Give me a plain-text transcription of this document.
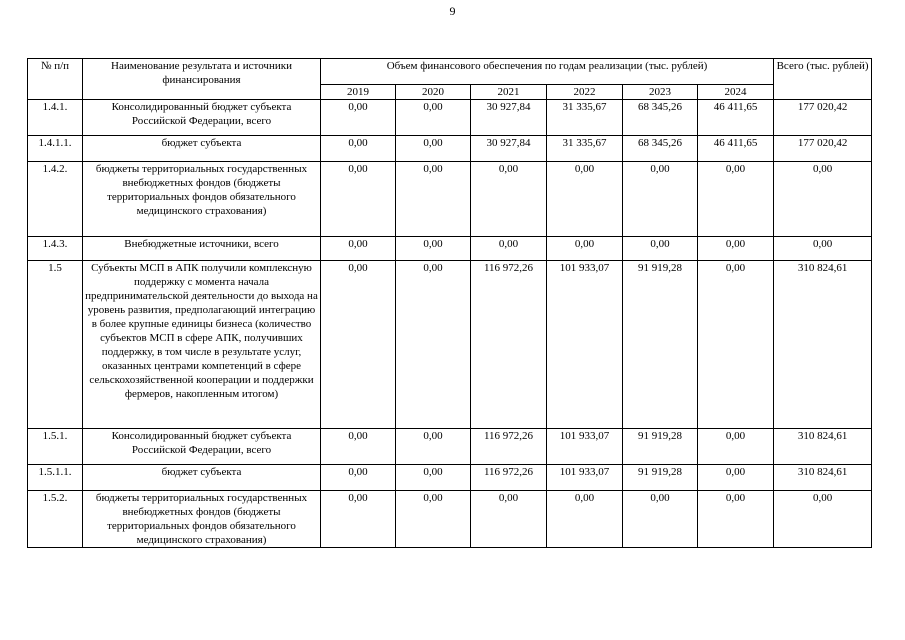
9
№ п/п	Наименование результата и источники финансирования	Объем финансового обеспечения по годам реализации (тыс. рублей)						Всего (тыс. рублей)
		2019	2020	2021	2022	2023	2024	
1.4.1.	Консолидированный бюджет субъекта Российской Федерации, всего	0,00	0,00	30 927,84	31 335,67	68 345,26	46 411,65	177 020,42
1.4.1.1.	бюджет субъекта	0,00	0,00	30 927,84	31 335,67	68 345,26	46 411,65	177 020,42
1.4.2.	бюджеты территориальных государственных внебюджетных фондов (бюджеты территориальных фондов обязательного медицинского страхования)	0,00	0,00	0,00	0,00	0,00	0,00	0,00
1.4.3.	Внебюджетные источники, всего	0,00	0,00	0,00	0,00	0,00	0,00	0,00
1.5	Субъекты МСП в АПК получили комплексную поддержку с момента начала предпринимательской деятельности до выхода на уровень развития, предполагающий интеграцию в более крупные единицы бизнеса (количество субъектов МСП в сфере АПК, получивших поддержку, в том числе в результате услуг, оказанных центрами компетенций в сфере сельскохозяйственной кооперации и поддержки фермеров, накопленным итогом)	0,00	0,00	116 972,26	101 933,07	91 919,28	0,00	310 824,61
1.5.1.	Консолидированный бюджет субъекта Российской Федерации, всего	0,00	0,00	116 972,26	101 933,07	91 919,28	0,00	310 824,61
1.5.1.1.	бюджет субъекта	0,00	0,00	116 972,26	101 933,07	91 919,28	0,00	310 824,61
1.5.2.	бюджеты территориальных государственных внебюджетных фондов (бюджеты территориальных фондов обязательного медицинского страхования)	0,00	0,00	0,00	0,00	0,00	0,00	0,00
